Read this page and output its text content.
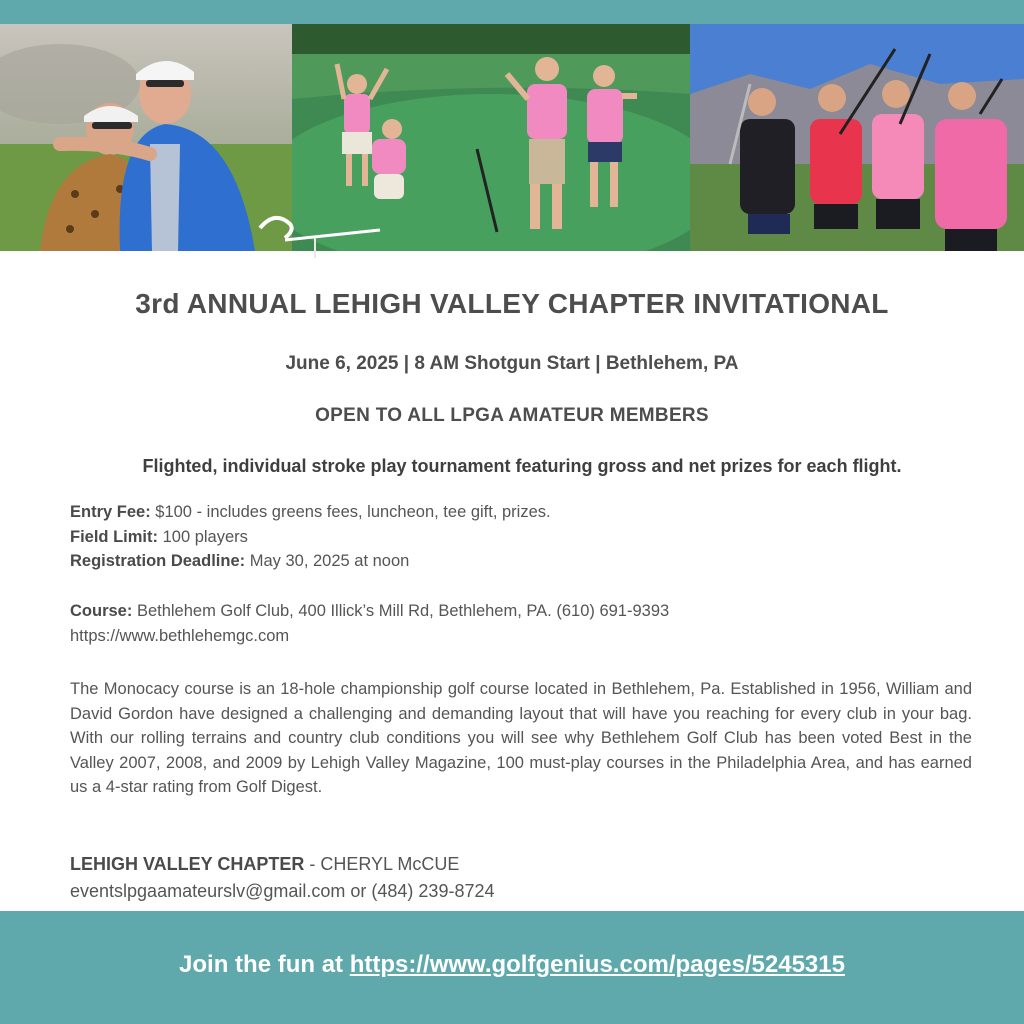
3rd ANNUAL LEHIGH VALLEY CHAPTER INVITATIONAL
June 6, 2025 | 8 AM Shotgun Start | Bethlehem, PA
OPEN TO ALL LPGA AMATEUR MEMBERS
Flighted, individual stroke play tournament featuring gross and net prizes for each flight.
Entry Fee: $100 - includes greens fees, luncheon, tee gift, prizes.
Field Limit: 100 players
Registration Deadline: May 30, 2025 at noon
Course: Bethlehem Golf Club, 400 Illick’s Mill Rd, Bethlehem, PA. (610) 691-9393
https://www.bethlehemgc.com
The Monocacy course is an 18-hole championship golf course located in Bethlehem, Pa. Established in 1956, William and David Gordon have designed a challenging and demanding layout that will have you reaching for every club in your bag. With our rolling terrains and country club conditions you will see why Bethlehem Golf Club has been voted Best in the Valley 2007, 2008, and 2009 by Lehigh Valley Magazine, 100 must-play courses in the Philadelphia Area, and has earned us a 4-star rating from Golf Digest.
LEHIGH VALLEY CHAPTER - CHERYL McCUE
eventslpgaamateurslv@gmail.com or (484) 239-8724
Join the fun at https://www.golfgenius.com/pages/5245315
